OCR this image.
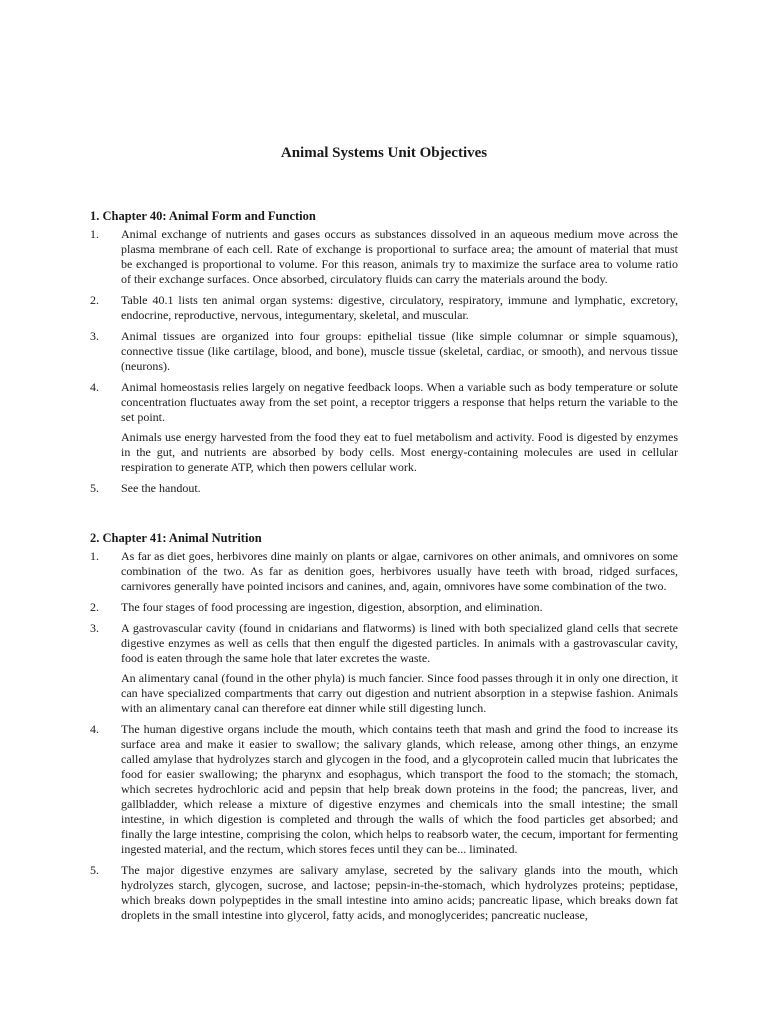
Animal Systems Unit Objectives

1. Chapter 40: Animal Form and Function

1. Animal exchange of nutrients and gases occurs as substances dissolved in an aqueous medium move across the plasma membrane of each cell. Rate of exchange is proportional to surface area; the amount of material that must be exchanged is proportional to volume. For this reason, animals try to maximize the surface area to volume ratio of their exchange surfaces. Once absorbed, circulatory fluids can carry the materials around the body.

2. Table 40.1 lists ten animal organ systems: digestive, circulatory, respiratory, immune and lymphatic, excretory, endocrine, reproductive, nervous, integumentary, skeletal, and muscular.

3. Animal tissues are organized into four groups: epithelial tissue (like simple columnar or simple squamous), connective tissue (like cartilage, blood, and bone), muscle tissue (skeletal, cardiac, or smooth), and nervous tissue (neurons).

4. Animal homeostasis relies largely on negative feedback loops. When a variable such as body temperature or solute concentration fluctuates away from the set point, a receptor triggers a response that helps return the variable to the set point.

Animals use energy harvested from the food they eat to fuel metabolism and activity. Food is digested by enzymes in the gut, and nutrients are absorbed by body cells. Most energy-containing molecules are used in cellular respiration to generate ATP, which then powers cellular work.

5. See the handout.

2. Chapter 41: Animal Nutrition

1. As far as diet goes, herbivores dine mainly on plants or algae, carnivores on other animals, and omnivores on some combination of the two. As far as denition goes, herbivores usually have teeth with broad, ridged surfaces, carnivores generally have pointed incisors and canines, and, again, omnivores have some combination of the two.

2. The four stages of food processing are ingestion, digestion, absorption, and elimination.

3. A gastrovascular cavity (found in cnidarians and flatworms) is lined with both specialized gland cells that secrete digestive enzymes as well as cells that then engulf the digested particles. In animals with a gastrovascular cavity, food is eaten through the same hole that later excretes the waste.

An alimentary canal (found in the other phyla) is much fancier. Since food passes through it in only one direction, it can have specialized compartments that carry out digestion and nutrient absorption in a stepwise fashion. Animals with an alimentary canal can therefore eat dinner while still digesting lunch.

4. The human digestive organs include the mouth, which contains teeth that mash and grind the food to increase its surface area and make it easier to swallow; the salivary glands, which release, among other things, an enzyme called amylase that hydrolyzes starch and glycogen in the food, and a glycoprotein called mucin that lubricates the food for easier swallowing; the pharynx and esophagus, which transport the food to the stomach; the stomach, which secretes hydrochloric acid and pepsin that help break down proteins in the food; the pancreas, liver, and gallbladder, which release a mixture of digestive enzymes and chemicals into the small intestine; the small intestine, in which digestion is completed and through the walls of which the food particles get absorbed; and finally the large intestine, comprising the colon, which helps to reabsorb water, the cecum, important for fermenting ingested material, and the rectum, which stores feces until they can be... liminated.

5. The major digestive enzymes are salivary amylase, secreted by the salivary glands into the mouth, which hydrolyzes starch, glycogen, sucrose, and lactose; pepsin-in-the-stomach, which hydrolyzes proteins; peptidase, which breaks down polypeptides in the small intestine into amino acids; pancreatic lipase, which breaks down fat droplets in the small intestine into glycerol, fatty acids, and monoglycerides; pancreatic nuclease,
